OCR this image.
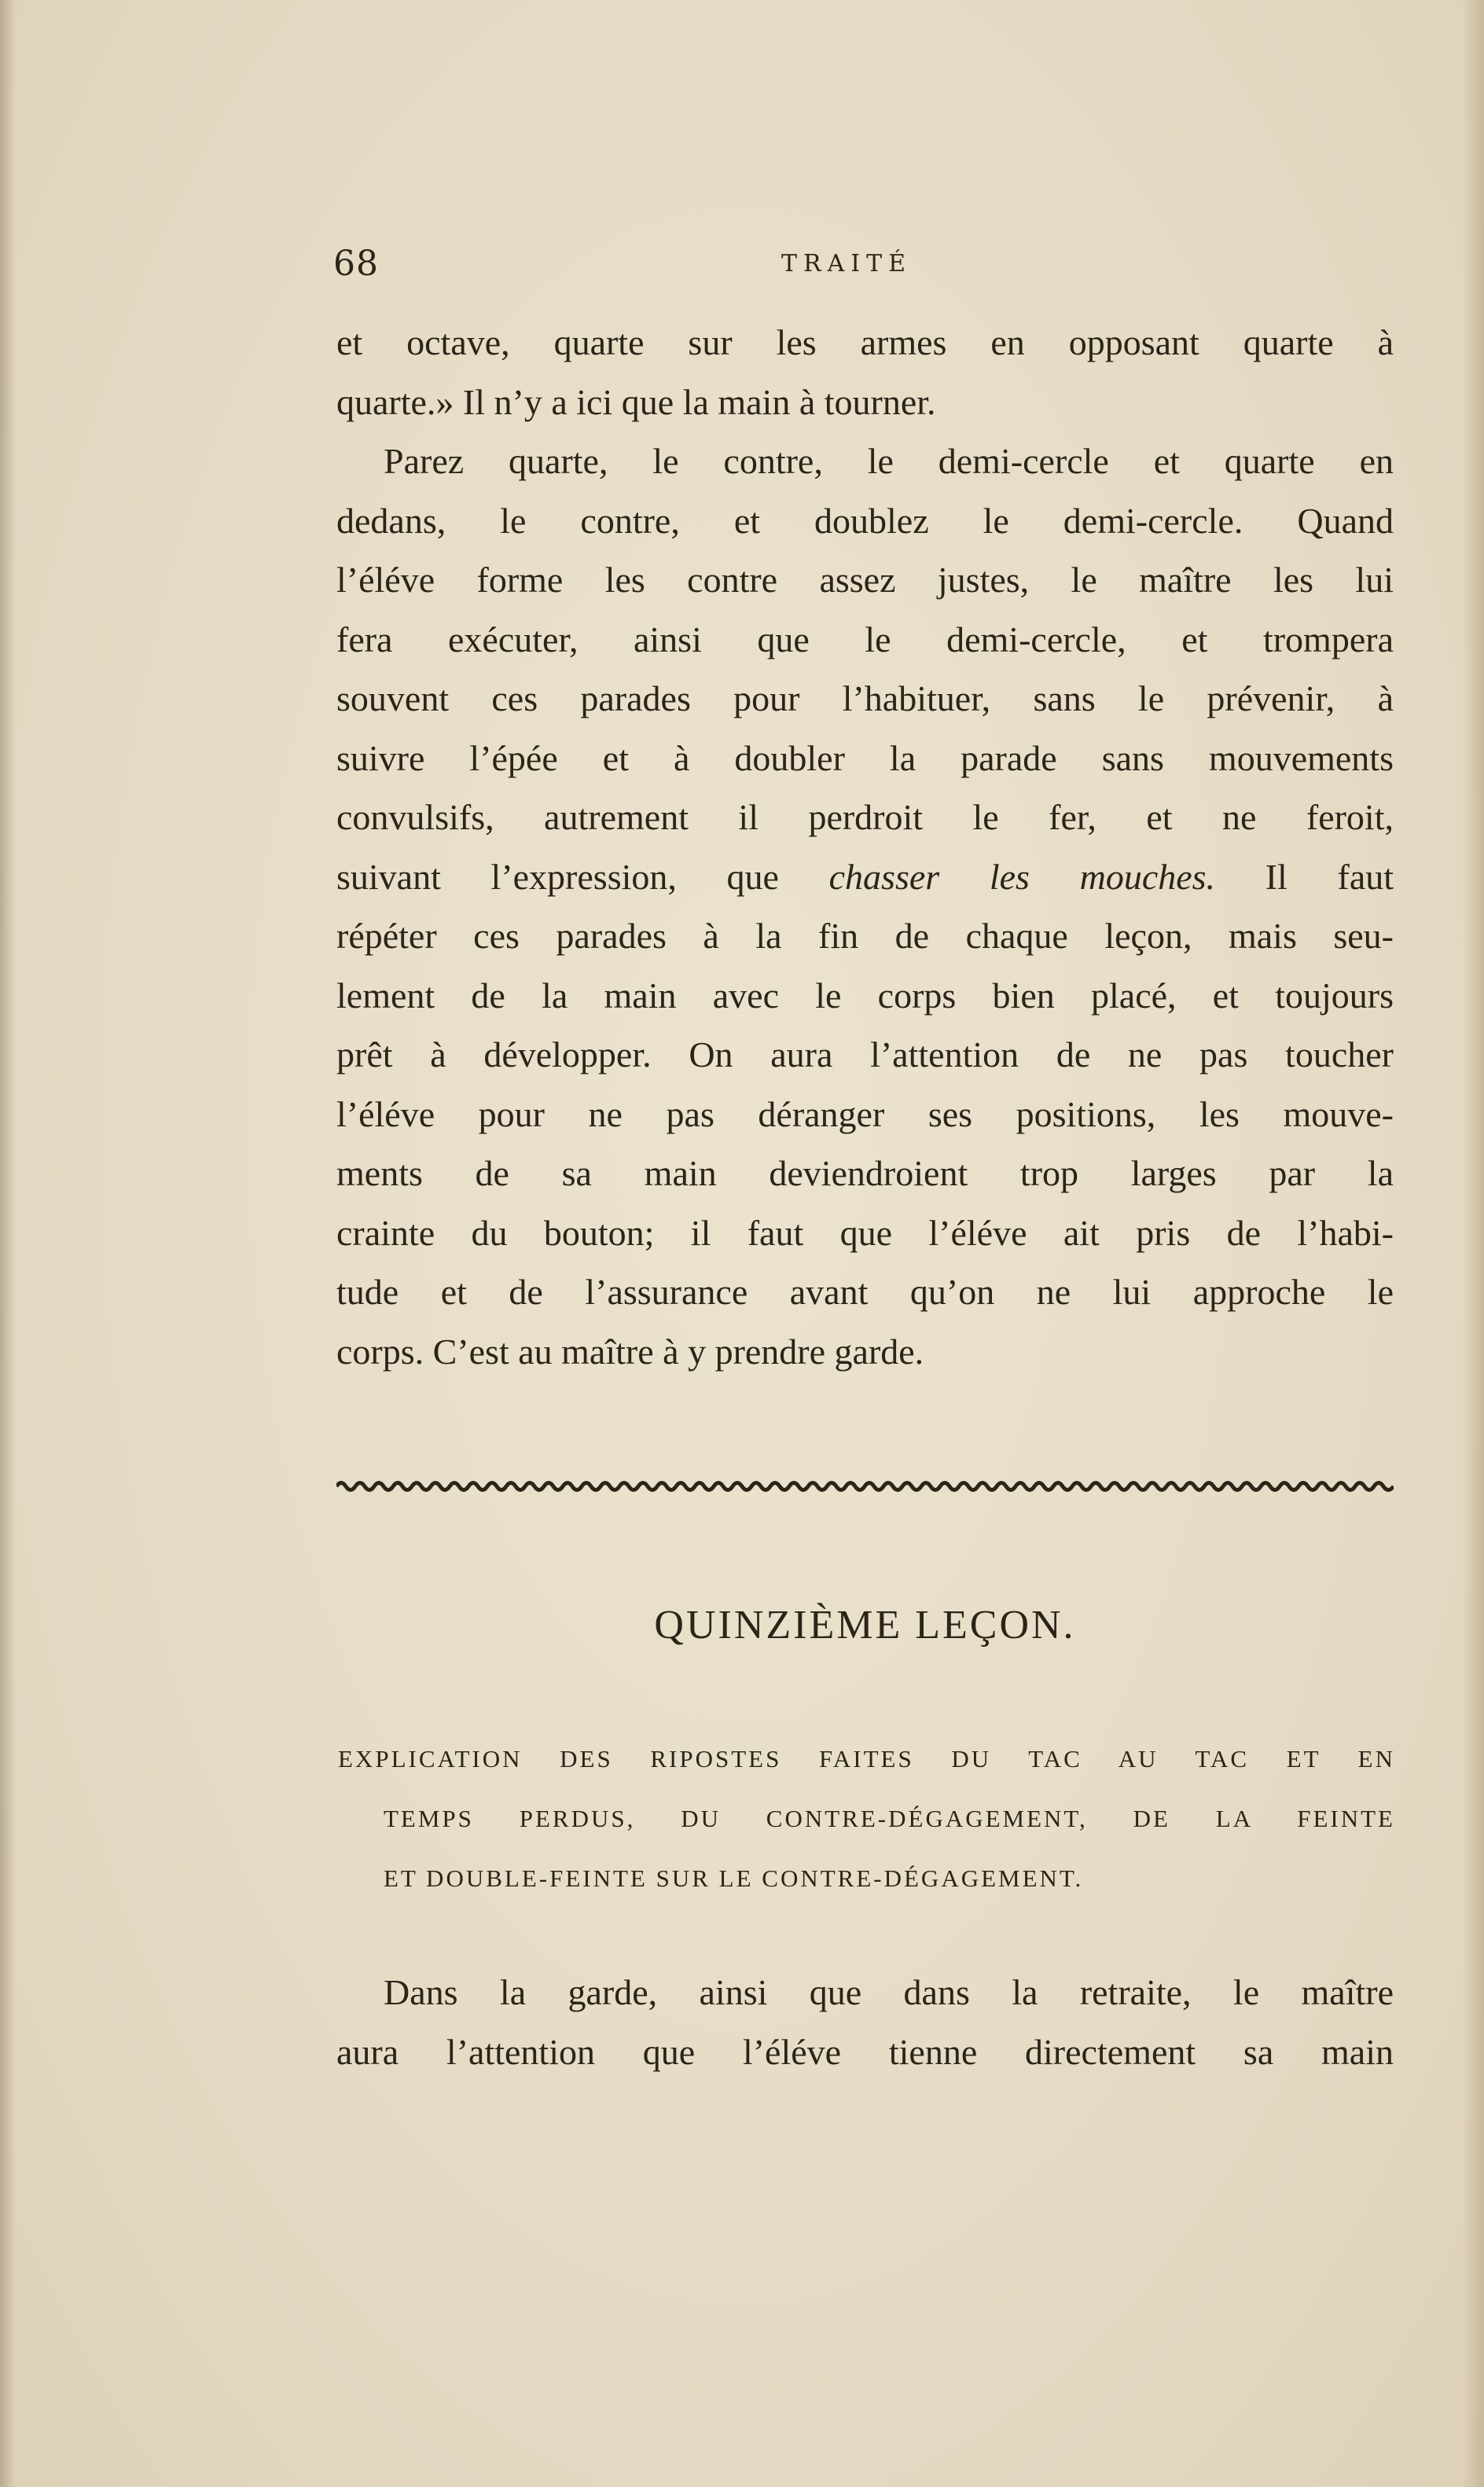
68	TRAITÉ
et octave, quarte sur les armes en opposant quarte à
quarte.» Il n’y a ici que la main à tourner.
Parez quarte, le contre, le demi-cercle et quarte en
dedans, le contre, et doublez le demi-cercle. Quand
l’éléve forme les contre assez justes, le maître les lui
fera exécuter, ainsi que le demi-cercle, et trompera
souvent ces parades pour l’habituer, sans le prévenir, à
suivre l’épée et à doubler la parade sans mouvements
convulsifs, autrement il perdroit le fer, et ne feroit,
suivant l’expression, que chasser les mouches. Il faut
répéter ces parades à la fin de chaque leçon, mais seu-
lement de la main avec le corps bien placé, et toujours
prêt à développer. On aura l’attention de ne pas toucher
l’éléve pour ne pas déranger ses positions, les mouve-
ments de sa main deviendroient trop larges par la
crainte du bouton; il faut que l’éléve ait pris de l’habi-
tude et de l’assurance avant qu’on ne lui approche le
corps. C’est au maître à y prendre garde.
QUINZIÈME LEÇON.
EXPLICATION DES RIPOSTES FAITES DU TAC AU TAC ET EN
TEMPS PERDUS, DU CONTRE-DÉGAGEMENT, DE LA FEINTE
ET DOUBLE-FEINTE SUR LE CONTRE-DÉGAGEMENT.
Dans la garde, ainsi que dans la retraite, le maître
aura l’attention que l’éléve tienne directement sa main
